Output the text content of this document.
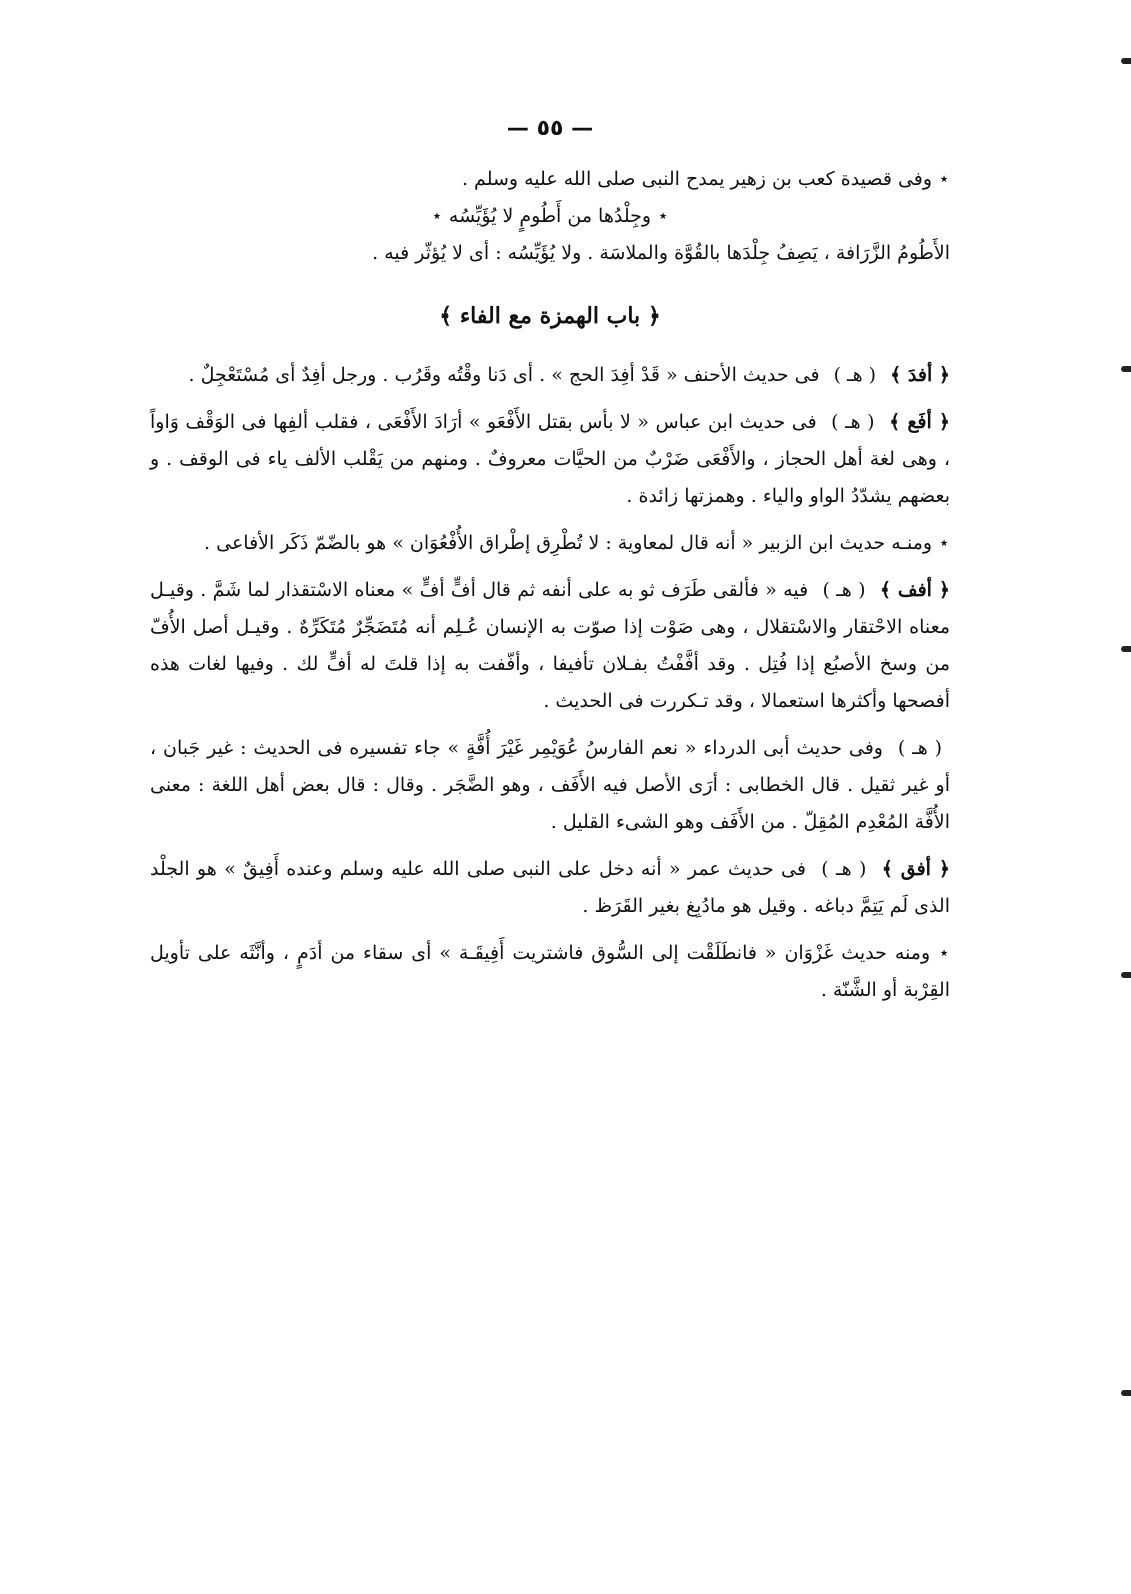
— ٥٥ —

⋆ وفى قصيدة كعب بن زهير يمدح النبى صلى الله عليه وسلم .

⋆ وجِلْدُها من أَطُومٍ لا يُؤَيِّسُه ⋆

الأَطُومُ الزَّرَافة ، يَصِفُ جِلْدَها بالقُوَّة والملاسَة . ولا يُؤَيِّسُه : أى لا يُؤثّر فيه .

﴿ باب الهمزة مع الفاء ﴾

﴿ أفدَ ﴾ ( هـ ) فى حديث الأحنف « قَدْ أفِدَ الحج » . أى دَنا وقْتُه وقَرُب . ورجل أفِدٌ أى مُسْتَعْجِلٌ .

﴿ أفَع ﴾ ( هـ ) فى حديث ابن عباس « لا بأس بقتل الأَفْعَو » أرَادَ الأَفْعَى ، فقلب ألفِها فى الوَقْف وَاواً ، وهى لغة أهل الحجاز ، والأَفْعَى ضَرْبٌ من الحيَّات معروفٌ . ومنهم من يَقْلب الألف ياء فى الوقف . و بعضهم يشدّدُ الواو والياء . وهمزتها زائدة .

⋆ ومنـه حديث ابن الزبير « أنه قال لمعاوية : لا تُطْرِق إطْراق الأُفْعُوَان » هو بالضّمّ ذَكَر الأفاعى .

﴿ أفف ﴾ ( هـ ) فيه « فألقى طَرَف ثو به على أنفه ثم قال أفٍّ أفٍّ » معناه الاسْتقذار لما شَمَّ . وقيـل معناه الاحْتقار والاسْتقلال ، وهى صَوْت إذا صوّت به الإنسان عُـلِم أنه مُتَضَجِّرٌ مُتَكَرِّهٌ . وقيـل أصل الأُفّ من وسخ الأصبُع إذا فُتِل . وقد أفَّفْتُ بفـلان تأفيفا ، وأفّفت به إذا قلتَ له أفٍّ لك . وفيها لغات هذه أفصحها وأكثرها استعمالا ، وقد تـكررت فى الحديث .

( هـ ) وفى حديث أبى الدرداء « نعم الفارسُ عُوَيْمِر غَيْرَ أُفَّةٍ » جاء تفسيره فى الحديث : غير جَبان ، أو غير ثقيل . قال الخطابى : أرَى الأصل فيه الأَفَف ، وهو الضَّجَر . وقال : قال بعض أهل اللغة : معنى الأُفَّة المُعْدِم المُقِلّ . من الأَفَف وهو الشىء القليل .

﴿ أفق ﴾ ( هـ ) فى حديث عمر « أنه دخل على النبى صلى الله عليه وسلم وعنده أَفِيقٌ » هو الجلْد الذى لَم يَتِمَّ دباغه . وقيل هو مادُبِغ بغير القَرَظ .

⋆ ومنه حديث غَزْوَان « فانطَلَقْت إلى السُّوق فاشتريت أَفِيقَـة » أى سقاء من أدَمٍ ، وأنَّثَه على تأويل القِرْبة أو الشَّنّة .
